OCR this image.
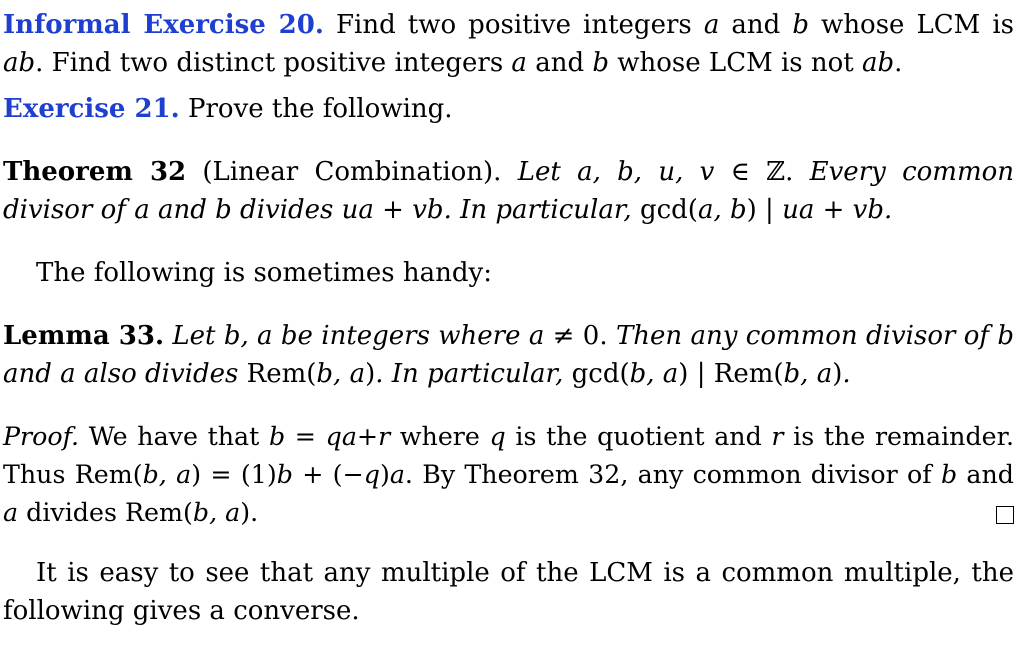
Informal Exercise 20. Find two positive integers a and b whose LCM is ab. Find two distinct positive integers a and b whose LCM is not ab.

Exercise 21. Prove the following.

Theorem 32 (Linear Combination). Let a, b, u, v ∈ ℤ. Every common divisor of a and b divides ua + vb. In particular, gcd(a, b) | ua + vb.

The following is sometimes handy:

Lemma 33. Let b, a be integers where a ≠ 0. Then any common divisor of b and a also divides Rem(b, a). In particular, gcd(b, a) | Rem(b, a).

Proof. We have that b = qa+r where q is the quotient and r is the remainder. Thus Rem(b, a) = (1)b + (−q)a. By Theorem 32, any common divisor of b and a divides Rem(b, a).

It is easy to see that any multiple of the LCM is a common multiple, the following gives a converse.
